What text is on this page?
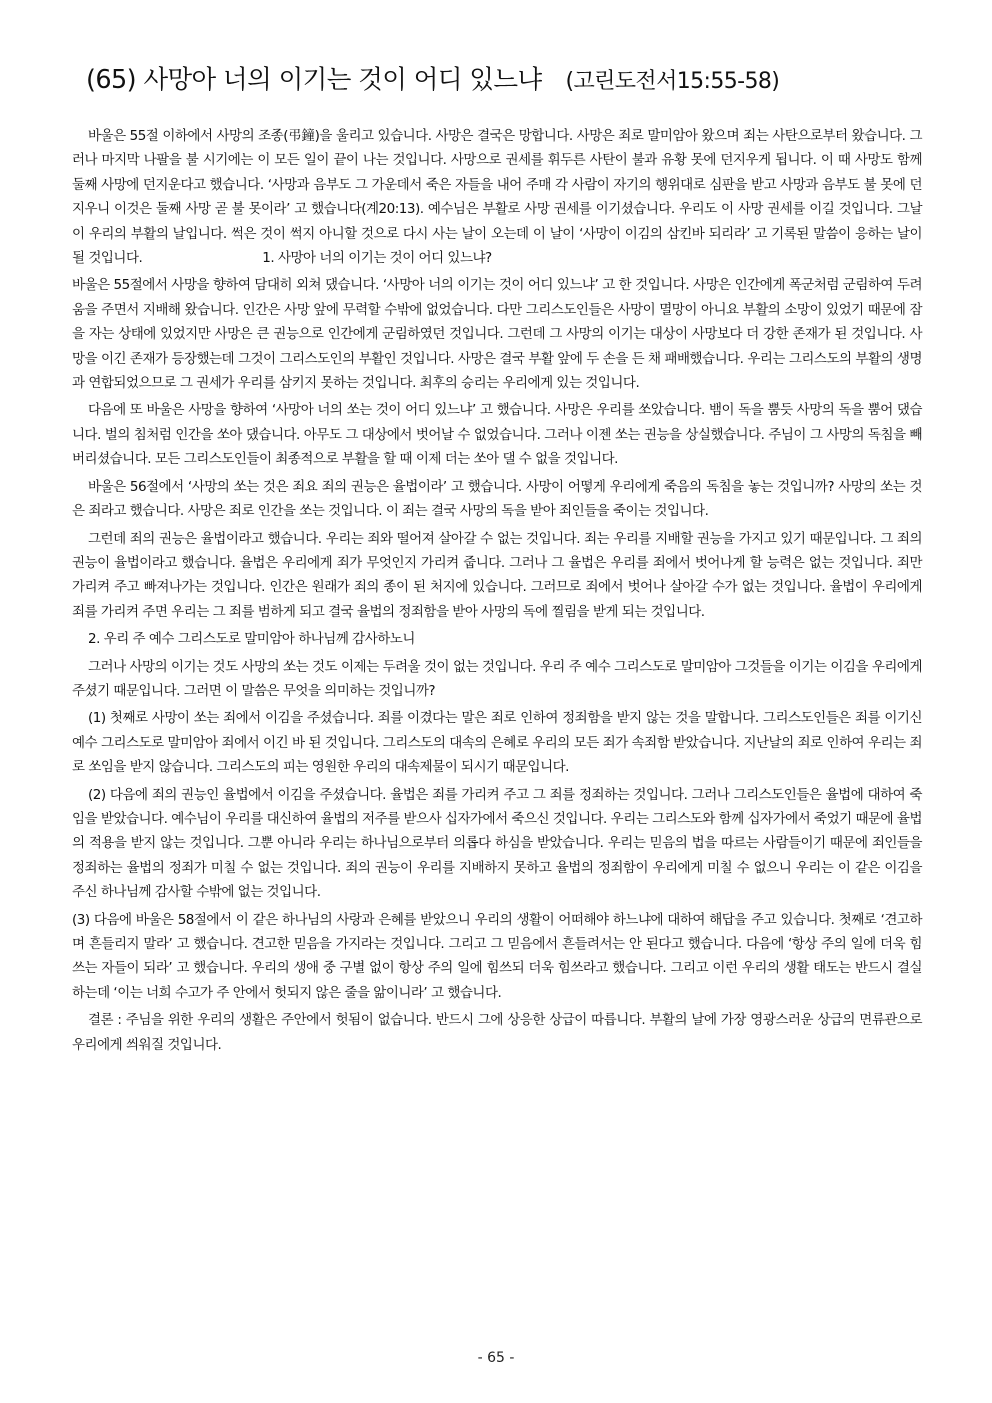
(65) 사망아 너의 이기는 것이 어디 있느냐 (고린도전서15:55-58)

바울은 55절 이하에서 사망의 조종(弔鐘)을 울리고 있습니다. 사망은 결국은 망합니다. 사망은 죄로 말미암아 왔으며 죄는 사탄으로부터 왔습니다. 그러나 마지막 나팔을 불 시기에는 이 모든 일이 끝이 나는 것입니다. 사망으로 권세를 휘두른 사탄이 불과 유황 못에 던지우게 됩니다. 이 때 사망도 함께 둘째 사망에 던지운다고 했습니다. ‘사망과 음부도 그 가운데서 죽은 자들을 내어 주매 각 사람이 자기의 행위대로 심판을 받고 사망과 음부도 불 못에 던지우니 이것은 둘째 사망 곧 불 못이라’ 고 했습니다(계20:13). 예수님은 부활로 사망 권세를 이기셨습니다. 우리도 이 사망 권세를 이길 것입니다. 그날이 우리의 부활의 날입니다. 썩은 것이 썩지 아니할 것으로 다시 사는 날이 오는데 이 날이 ‘사망이 이김의 삼킨바 되리라’ 고 기록된 말씀이 응하는 날이 될 것입니다.	1. 사망아 너의 이기는 것이 어디 있느냐?

바울은 55절에서 사망을 향하여 담대히 외쳐 댔습니다. ‘사망아 너의 이기는 것이 어디 있느냐’ 고 한 것입니다. 사망은 인간에게 폭군처럼 군림하여 두려움을 주면서 지배해 왔습니다. 인간은 사망 앞에 무력할 수밖에 없었습니다. 다만 그리스도인들은 사망이 멸망이 아니요 부활의 소망이 있었기 때문에 잠을 자는 상태에 있었지만 사망은 큰 권능으로 인간에게 군림하였던 것입니다. 그런데 그 사망의 이기는 대상이 사망보다 더 강한 존재가 된 것입니다. 사망을 이긴 존재가 등장했는데 그것이 그리스도인의 부활인 것입니다. 사망은 결국 부활 앞에 두 손을 든 채 패배했습니다. 우리는 그리스도의 부활의 생명과 연합되었으므로 그 권세가 우리를 삼키지 못하는 것입니다. 최후의 승리는 우리에게 있는 것입니다.

다음에 또 바울은 사망을 향하여 ‘사망아 너의 쏘는 것이 어디 있느냐’ 고 했습니다. 사망은 우리를 쏘았습니다. 뱀이 독을 뿜듯 사망의 독을 뿜어 댔습니다. 벌의 침처럼 인간을 쏘아 댔습니다. 아무도 그 대상에서 벗어날 수 없었습니다. 그러나 이젠 쏘는 권능을 상실했습니다. 주님이 그 사망의 독침을 빼 버리셨습니다. 모든 그리스도인들이 최종적으로 부활을 할 때 이제 더는 쏘아 댈 수 없을 것입니다.

바울은 56절에서 ‘사망의 쏘는 것은 죄요 죄의 권능은 율법이라’ 고 했습니다. 사망이 어떻게 우리에게 죽음의 독침을 놓는 것입니까? 사망의 쏘는 것은 죄라고 했습니다. 사망은 죄로 인간을 쏘는 것입니다. 이 죄는 결국 사망의 독을 받아 죄인들을 죽이는 것입니다.

그런데 죄의 권능은 율법이라고 했습니다. 우리는 죄와 떨어져 살아갈 수 없는 것입니다. 죄는 우리를 지배할 권능을 가지고 있기 때문입니다. 그 죄의 권능이 율법이라고 했습니다. 율법은 우리에게 죄가 무엇인지 가리켜 줍니다. 그러나 그 율법은 우리를 죄에서 벗어나게 할 능력은 없는 것입니다. 죄만 가리켜 주고 빠져나가는 것입니다. 인간은 원래가 죄의 종이 된 처지에 있습니다. 그러므로 죄에서 벗어나 살아갈 수가 없는 것입니다. 율법이 우리에게 죄를 가리켜 주면 우리는 그 죄를 범하게 되고 결국 율법의 정죄함을 받아 사망의 독에 찔림을 받게 되는 것입니다.

2. 우리 주 예수 그리스도로 말미암아 하나님께 감사하노니

그러나 사망의 이기는 것도 사망의 쏘는 것도 이제는 두려울 것이 없는 것입니다. 우리 주 예수 그리스도로 말미암아 그것들을 이기는 이김을 우리에게 주셨기 때문입니다. 그러면 이 말씀은 무엇을 의미하는 것입니까?

(1) 첫째로 사망이 쏘는 죄에서 이김을 주셨습니다. 죄를 이겼다는 말은 죄로 인하여 정죄함을 받지 않는 것을 말합니다. 그리스도인들은 죄를 이기신 예수 그리스도로 말미암아 죄에서 이긴 바 된 것입니다. 그리스도의 대속의 은혜로 우리의 모든 죄가 속죄함 받았습니다. 지난날의 죄로 인하여 우리는 죄로 쏘임을 받지 않습니다. 그리스도의 피는 영원한 우리의 대속제물이 되시기 때문입니다.

(2) 다음에 죄의 권능인 율법에서 이김을 주셨습니다. 율법은 죄를 가리켜 주고 그 죄를 정죄하는 것입니다. 그러나 그리스도인들은 율법에 대하여 죽임을 받았습니다. 예수님이 우리를 대신하여 율법의 저주를 받으사 십자가에서 죽으신 것입니다. 우리는 그리스도와 함께 십자가에서 죽었기 때문에 율법의 적용을 받지 않는 것입니다. 그뿐 아니라 우리는 하나님으로부터 의롭다 하심을 받았습니다. 우리는 믿음의 법을 따르는 사람들이기 때문에 죄인들을 정죄하는 율법의 정죄가 미칠 수 없는 것입니다. 죄의 권능이 우리를 지배하지 못하고 율법의 정죄함이 우리에게 미칠 수 없으니 우리는 이 같은 이김을 주신 하나님께 감사할 수밖에 없는 것입니다.

(3) 다음에 바울은 58절에서 이 같은 하나님의 사랑과 은혜를 받았으니 우리의 생활이 어떠해야 하느냐에 대하여 해답을 주고 있습니다. 첫째로 ‘견고하며 흔들리지 말라’ 고 했습니다. 견고한 믿음을 가지라는 것입니다. 그리고 그 믿음에서 흔들려서는 안 된다고 했습니다. 다음에 ‘항상 주의 일에 더욱 힘쓰는 자들이 되라’ 고 했습니다. 우리의 생애 중 구별 없이 항상 주의 일에 힘쓰되 더욱 힘쓰라고 했습니다. 그리고 이런 우리의 생활 태도는 반드시 결실하는데 ‘이는 너희 수고가 주 안에서 헛되지 않은 줄을 앎이니라’ 고 했습니다.

결론 : 주님을 위한 우리의 생활은 주안에서 헛됨이 없습니다. 반드시 그에 상응한 상급이 따릅니다. 부활의 날에 가장 영광스러운 상급의 면류관으로 우리에게 씌워질 것입니다.

- 65 -
